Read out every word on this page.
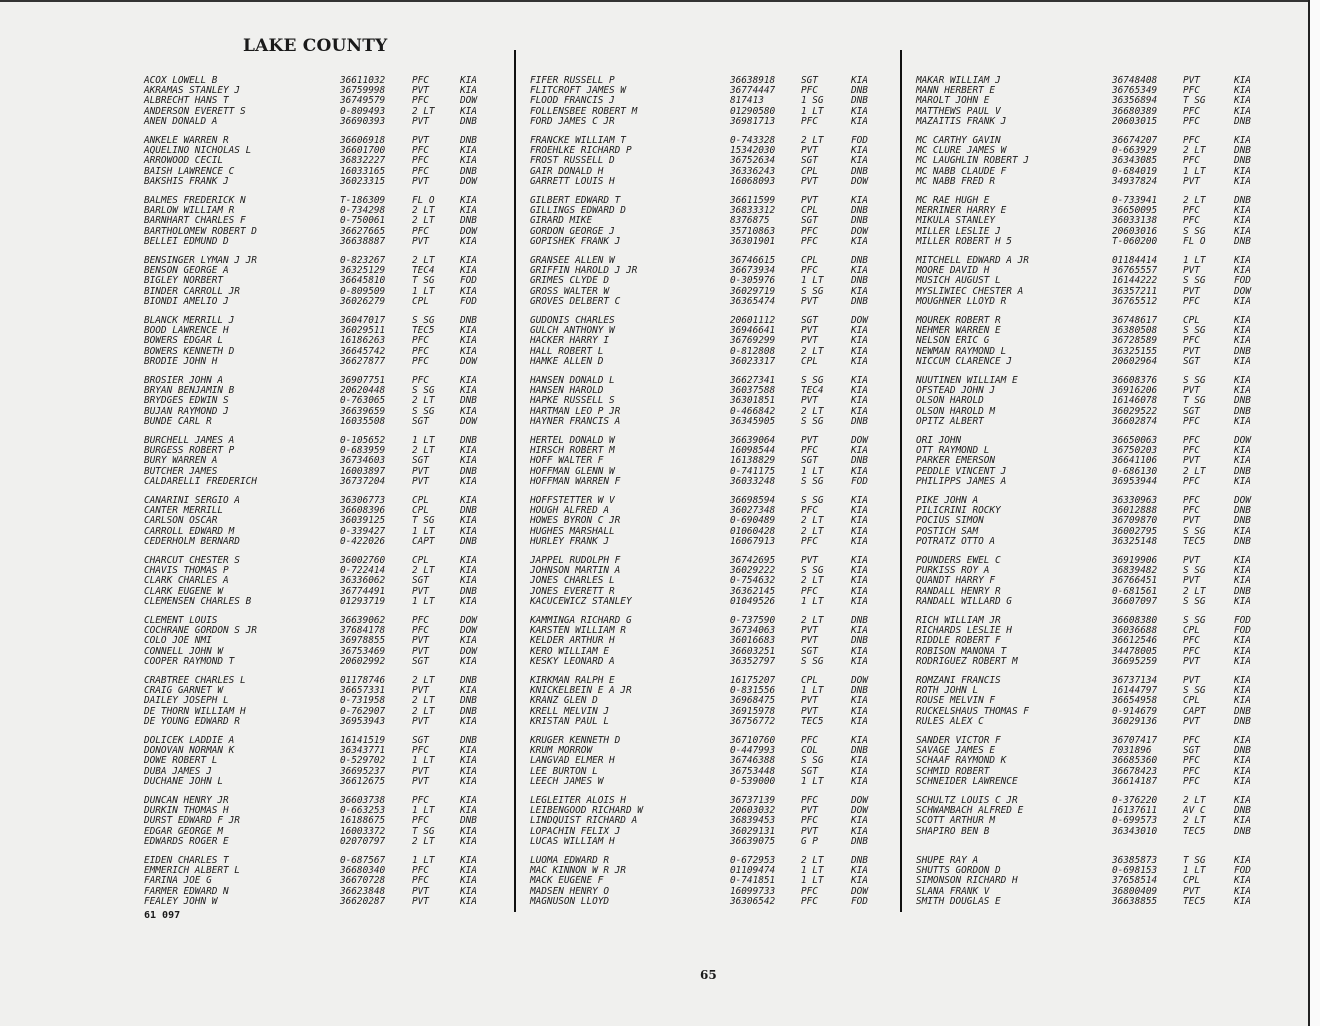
LAKE COUNTY
ACOX LOWELL B	36611032	PFC	KIA
AKRAMAS STANLEY J	36759998	PVT	KIA
ALBRECHT HANS T	36749579	PFC	DOW
ANDERSON EVERETT S	0-809493	2 LT	KIA
ANEN DONALD A	36690393	PVT	DNB
ANKELE WARREN R	36606918	PVT	DNB
AQUELINO NICHOLAS L	36601700	PFC	KIA
ARROWOOD CECIL	36832227	PFC	KIA
BAISH LAWRENCE C	16033165	PFC	DNB
BAKSHIS FRANK J	36023315	PVT	DOW
BALMES FREDERICK N	T-186309	FL O	KIA
BARLOW WILLIAM R	0-734298	2 LT	KIA
BARNHART CHARLES F	0-750061	2 LT	DNB
BARTHOLOMEW ROBERT D	36627665	PFC	DOW
BELLEI EDMUND D	36638887	PVT	KIA
BENSINGER LYMAN J JR	0-823267	2 LT	KIA
BENSON GEORGE A	36325129	TEC4	KIA
BIGLEY NORBERT	36645810	T SG	FOD
BINDER CARROLL JR	0-809509	1 LT	KIA
BIONDI AMELIO J	36026279	CPL	FOD
BLANCK MERRILL J	36047017	S SG	DNB
BOOD LAWRENCE H	36029511	TEC5	KIA
BOWERS EDGAR L	16186263	PFC	KIA
BOWERS KENNETH D	36645742	PFC	KIA
BRODIE JOHN H	36627877	PFC	DOW
BROSIER JOHN A	36907751	PFC	KIA
BRYAN BENJAMIN B	20620448	S SG	KIA
BRYDGES EDWIN S	0-763065	2 LT	DNB
BUJAN RAYMOND J	36639659	S SG	KIA
BUNDE CARL R	16035508	SGT	DOW
BURCHELL JAMES A	0-105652	1 LT	DNB
BURGESS ROBERT P	0-683959	2 LT	KIA
BURY WARREN A	36734603	SGT	KIA
BUTCHER JAMES	16003897	PVT	DNB
CALDARELLI FREDERICH	36737204	PVT	KIA
CANARINI SERGIO A	36306773	CPL	KIA
CANTER MERRILL	36608396	CPL	DNB
CARLSON OSCAR	36039125	T SG	KIA
CARROLL EDWARD M	0-339427	1 LT	KIA
CEDERHOLM BERNARD	0-422026	CAPT	DNB
CHARCUT CHESTER S	36002760	CPL	KIA
CHAVIS THOMAS P	0-722414	2 LT	KIA
CLARK CHARLES A	36336062	SGT	KIA
CLARK EUGENE W	36774491	PVT	DNB
CLEMENSEN CHARLES B	01293719	1 LT	KIA
CLEMENT LOUIS	36639062	PFC	DOW
COCHRANE GORDON S JR	37684178	PFC	DOW
COLO JOE NMI	36978855	PVT	KIA
CONNELL JOHN W	36753469	PVT	DOW
COOPER RAYMOND T	20602992	SGT	KIA
CRABTREE CHARLES L	01178746	2 LT	DNB
CRAIG GARNET W	36657331	PVT	KIA
DAILEY JOSEPH L	0-731958	2 LT	DNB
DE THORN WILLIAM H	0-762907	2 LT	DNB
DE YOUNG EDWARD R	36953943	PVT	KIA
DOLICEK LADDIE A	16141519	SGT	DNB
DONOVAN NORMAN K	36343771	PFC	KIA
DOWE ROBERT L	0-529702	1 LT	KIA
DUBA JAMES J	36695237	PVT	KIA
DUCHANE JOHN L	36612675	PVT	KIA
DUNCAN HENRY JR	36603738	PFC	KIA
DURKIN THOMAS H	0-663253	1 LT	KIA
DURST EDWARD F JR	16188675	PFC	DNB
EDGAR GEORGE M	16003372	T SG	KIA
EDWARDS ROGER E	02070797	2 LT	KIA
EIDEN CHARLES T	0-687567	1 LT	KIA
EMMERICH ALBERT L	36680340	PFC	KIA
FARINA JOE G	36670728	PFC	KIA
FARMER EDWARD N	36623848	PVT	KIA
FEALEY JOHN W	36620287	PVT	KIA
FIFER RUSSELL P	36638918	SGT	KIA
FLITCROFT JAMES W	36774447	PFC	DNB
FLOOD FRANCIS J	817413	1 SG	DNB
FOLLENSBEE ROBERT M	01290580	1 LT	KIA
FORD JAMES C JR	36981713	PFC	KIA
FRANCKE WILLIAM T	0-743328	2 LT	FOD
FROEHLKE RICHARD P	15342030	PVT	KIA
FROST RUSSELL D	36752634	SGT	KIA
GAIR DONALD H	36336243	CPL	DNB
GARRETT LOUIS H	16068093	PVT	DOW
GILBERT EDWARD T	36611599	PVT	KIA
GILLINGS EDWARD D	36833312	CPL	DNB
GIRARD MIKE	8376875	SGT	DNB
GORDON GEORGE J	35710863	PFC	DOW
GOPISHEK FRANK J	36301901	PFC	KIA
GRANSEE ALLEN W	36746615	CPL	DNB
GRIFFIN HAROLD J JR	36673934	PFC	KIA
GRIMES CLYDE D	0-305976	1 LT	DNB
GROSS WALTER W	36029719	S SG	KIA
GROVES DELBERT C	36365474	PVT	DNB
GUDONIS CHARLES	20601112	SGT	DOW
GULCH ANTHONY W	36946641	PVT	KIA
HACKER HARRY I	36769299	PVT	KIA
HALL ROBERT L	0-812808	2 LT	KIA
HAMKE ALLEN D	36023317	CPL	KIA
HANSEN DONALD L	36627341	S SG	KIA
HANSEN HAROLD	36037588	TEC4	KIA
HAPKE RUSSELL S	36301851	PVT	KIA
HARTMAN LEO P JR	0-466842	2 LT	KIA
HAYNER FRANCIS A	36345905	S SG	DNB
HERTEL DONALD W	36639064	PVT	DOW
HIRSCH ROBERT M	16098544	PFC	KIA
HOFF WALTER F	16138829	SGT	DNB
HOFFMAN GLENN W	0-741175	1 LT	KIA
HOFFMAN WARREN F	36033248	S SG	FOD
HOFFSTETTER W V	36698594	S SG	KIA
HOUGH ALFRED A	36027348	PFC	KIA
HOWES BYRON C JR	0-690489	2 LT	KIA
HUGHES MARSHALL	01060428	2 LT	KIA
HURLEY FRANK J	16067913	PFC	KIA
JAPPEL RUDOLPH F	36742695	PVT	KIA
JOHNSON MARTIN A	36029222	S SG	KIA
JONES CHARLES L	0-754632	2 LT	KIA
JONES EVERETT R	36362145	PFC	KIA
KACUCEWICZ STANLEY	01049526	1 LT	KIA
KAMMINGA RICHARD G	0-737590	2 LT	DNB
KARSTEN WILLIAM R	36734063	PVT	KIA
KELDER ARTHUR H	36016683	PVT	DNB
KERO WILLIAM E	36603251	SGT	KIA
KESKY LEONARD A	36352797	S SG	KIA
KIRKMAN RALPH E	16175207	CPL	DOW
KNICKELBEIN E A JR	0-831556	1 LT	DNB
KRANZ GLEN D	36968475	PVT	KIA
KRELL MELVIN J	36915978	PVT	KIA
KRISTAN PAUL L	36756772	TEC5	KIA
KRUGER KENNETH D	36710760	PFC	KIA
KRUM MORROW	0-447993	COL	DNB
LANGVAD ELMER H	36746388	S SG	KIA
LEE BURTON L	36753448	SGT	KIA
LEECH JAMES W	0-539000	1 LT	KIA
LEGLEITER ALOIS H	36737139	PFC	DOW
LEIBENGOOD RICHARD W	20603032	PVT	DOW
LINDQUIST RICHARD A	36839453	PFC	KIA
LOPACHIN FELIX J	36029131	PVT	KIA
LUCAS WILLIAM H	36639075	G P	DNB
LUOMA EDWARD R	0-672953	2 LT	DNB
MAC KINNON W R JR	01109474	1 LT	KIA
MACK EUGENE F	0-741851	1 LT	KIA
MADSEN HENRY O	16099733	PFC	DOW
MAGNUSON LLOYD	36306542	PFC	FOD
MAKAR WILLIAM J	36748408	PVT	KIA
MANN HERBERT E	36765349	PFC	KIA
MAROLT JOHN E	36356894	T SG	KIA
MATTHEWS PAUL V	36680389	PFC	KIA
MAZAITIS FRANK J	20603015	PFC	DNB
MC CARTHY GAVIN	36674207	PFC	KIA
MC CLURE JAMES W	0-663929	2 LT	DNB
MC LAUGHLIN ROBERT J	36343085	PFC	DNB
MC NABB CLAUDE F	0-684019	1 LT	KIA
MC NABB FRED R	34937824	PVT	KIA
MC RAE HUGH E	0-733941	2 LT	DNB
MERRINER HARRY E	36650095	PFC	KIA
MIKULA STANLEY	36033138	PFC	KIA
MILLER LESLIE J	20603016	S SG	KIA
MILLER ROBERT H 5	T-060200	FL O	DNB
MITCHELL EDWARD A JR	01184414	1 LT	KIA
MOORE DAVID H	36765557	PVT	KIA
MUSICH AUGUST L	16144222	S SG	FOD
MYSLIWIEC CHESTER A	36357211	PVT	DOW
MOUGHNER LLOYD R	36765512	PFC	KIA
MOUREK ROBERT R	36748617	CPL	KIA
NEHMER WARREN E	36380508	S SG	KIA
NELSON ERIC G	36728589	PFC	KIA
NEWMAN RAYMOND L	36325155	PVT	DNB
NICCUM CLARENCE J	20602964	SGT	KIA
NUUTINEN WILLIAM E	36608376	S SG	KIA
OFSTEAD JOHN J	36916206	PVT	KIA
OLSON HAROLD	16146078	T SG	DNB
OLSON HAROLD M	36029522	SGT	DNB
OPITZ ALBERT	36602874	PFC	KIA
ORI JOHN	36650063	PFC	DOW
OTT RAYMOND L	36750203	PFC	KIA
PARKER EMERSON	36641106	PVT	KIA
PEDDLE VINCENT J	0-686130	2 LT	DNB
PHILIPPS JAMES A	36953944	PFC	KIA
PIKE JOHN A	36330963	PFC	DOW
PILICRINI ROCKY	36012888	PFC	DNB
POCIUS SIMON	36709870	PVT	DNB
POSTICH SAM	36002795	S SG	KIA
POTRATZ OTTO A	36325148	TEC5	DNB
POUNDERS EWEL C	36919906	PVT	KIA
PURKISS ROY A	36839482	S SG	KIA
QUANDT HARRY F	36766451	PVT	KIA
RANDALL HENRY R	0-681561	2 LT	DNB
RANDALL WILLARD G	36607097	S SG	KIA
RICH WILLIAM JR	36608380	S SG	FOD
RICHARDS LESLIE H	36036688	CPL	FOD
RIDDLE ROBERT F	36612546	PFC	KIA
ROBISON MANONA T	34478005	PFC	KIA
RODRIGUEZ ROBERT M	36695259	PVT	KIA
ROMZANI FRANCIS	36737134	PVT	KIA
ROTH JOHN L	16144797	S SG	KIA
ROUSE MELVIN F	36654958	CPL	KIA
RUCKELSHAUS THOMAS F	0-914679	CAPT	DNB
RULES ALEX C	36029136	PVT	DNB
SANDER VICTOR F	36707417	PFC	KIA
SAVAGE JAMES E	7031896	SGT	DNB
SCHAAF RAYMOND K	36685360	PFC	KIA
SCHMID ROBERT	36678423	PFC	KIA
SCHNEIDER LAWRENCE	36614187	PFC	KIA
SCHULTZ LOUIS C JR	0-376220	2 LT	KIA
SCHWAMBACH ALFRED E	16137611	AV C	DNB
SCOTT ARTHUR M	0-699573	2 LT	KIA
SHAPIRO BEN B	36343010	TEC5	DNB
SHUPE RAY A	36385873	T SG	KIA
SHUTTS GORDON D	0-698153	1 LT	FOD
SIMONSON RICHARD H	37658514	CPL	KIA
SLANA FRANK V	36800409	PVT	KIA
SMITH DOUGLAS E	36638855	TEC5	KIA
61 097
65
